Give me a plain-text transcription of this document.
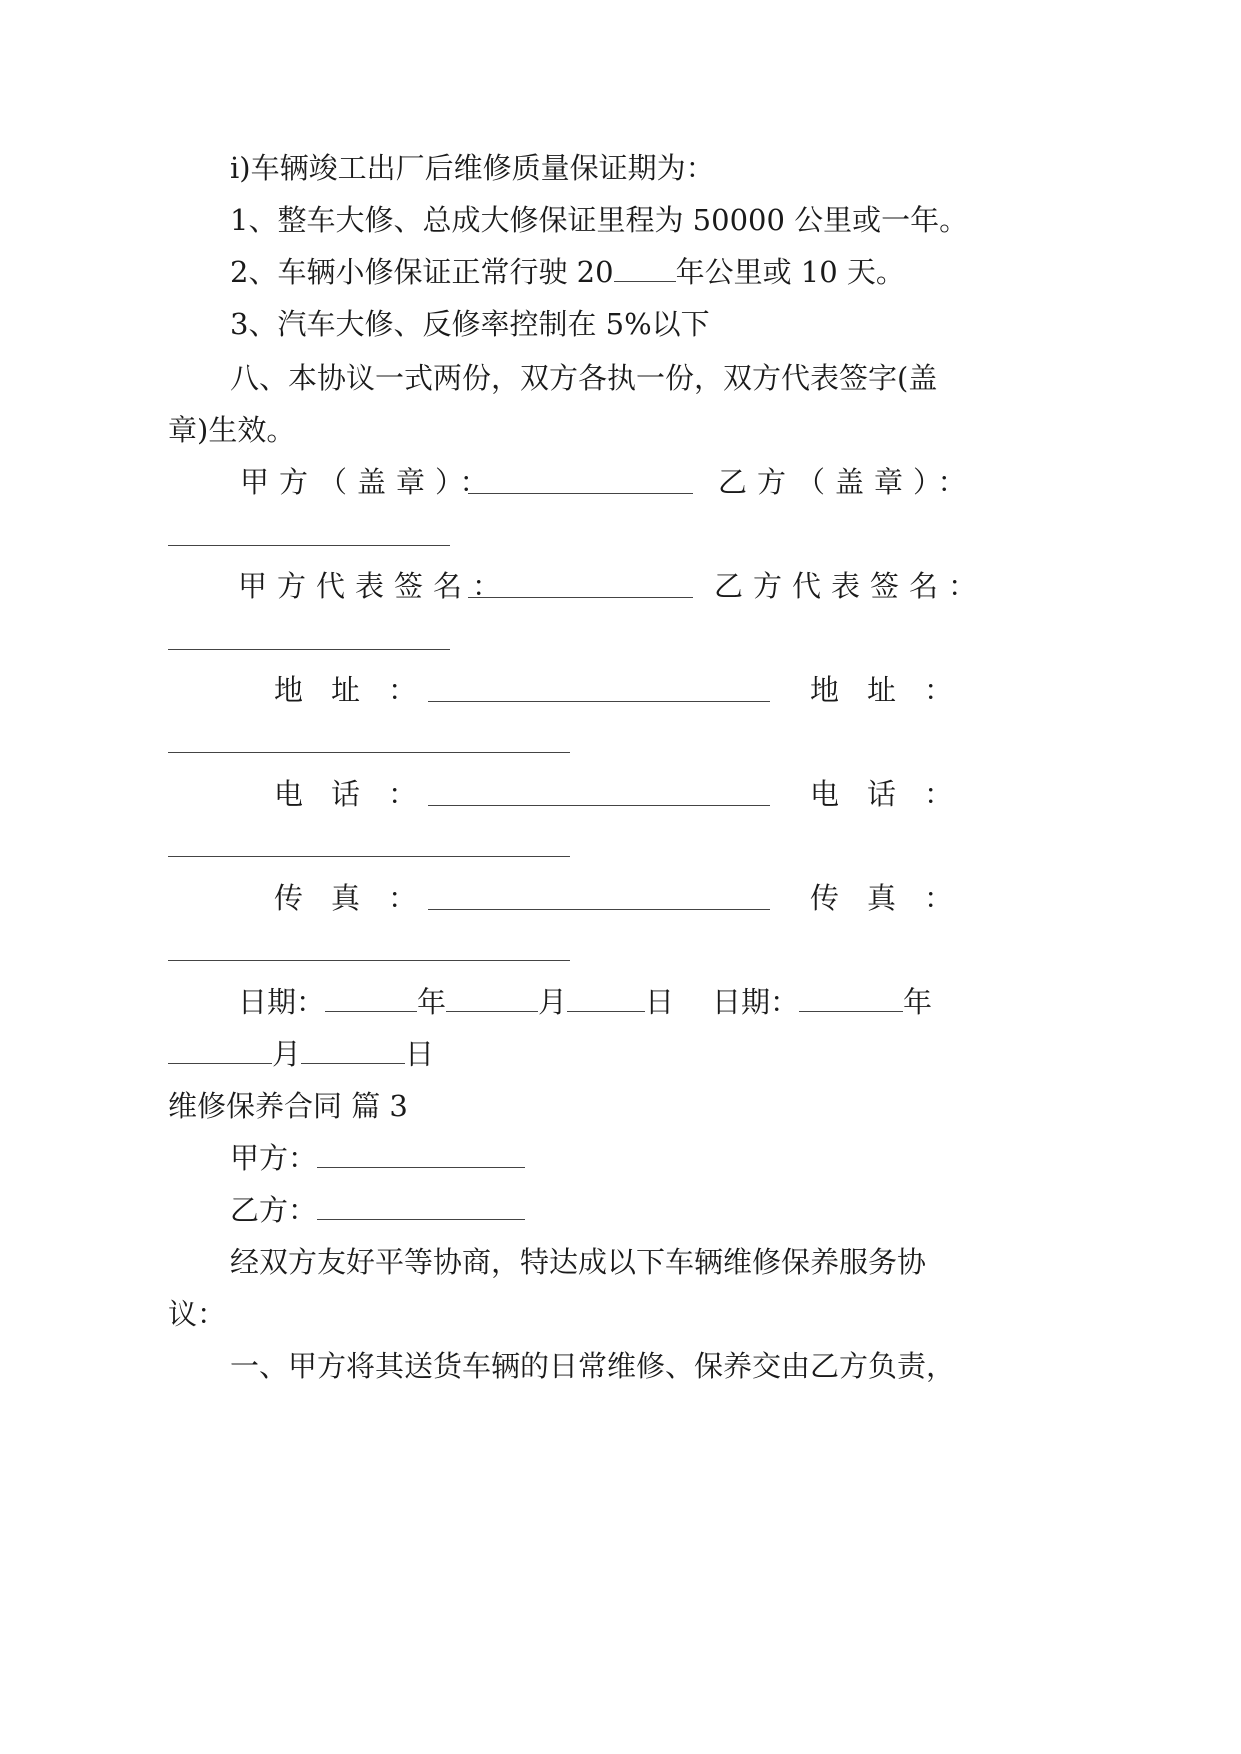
i)车辆竣工出厂后维修质量保证期为：
1、整车大修、总成大修保证里程为 50000 公里或一年。
2、车辆小修保证正常行驶 20 年公里或 10 天。
3、汽车大修、反修率控制在 5%以下
八、本协议一式两份，双方各执一份，双方代表签字(盖
章)生效。
甲方（盖章）：	乙方（盖章）：
甲方代表签名：	乙方代表签名：
地址：	地址：
电话：	电话：
传真：	传真：
日期：	年	月	日 日期：	年
月	日
维修保养合同 篇 3
甲方：
乙方：
经双方友好平等协商，特达成以下车辆维修保养服务协
议：
一、甲方将其送货车辆的日常维修、保养交由乙方负责，
